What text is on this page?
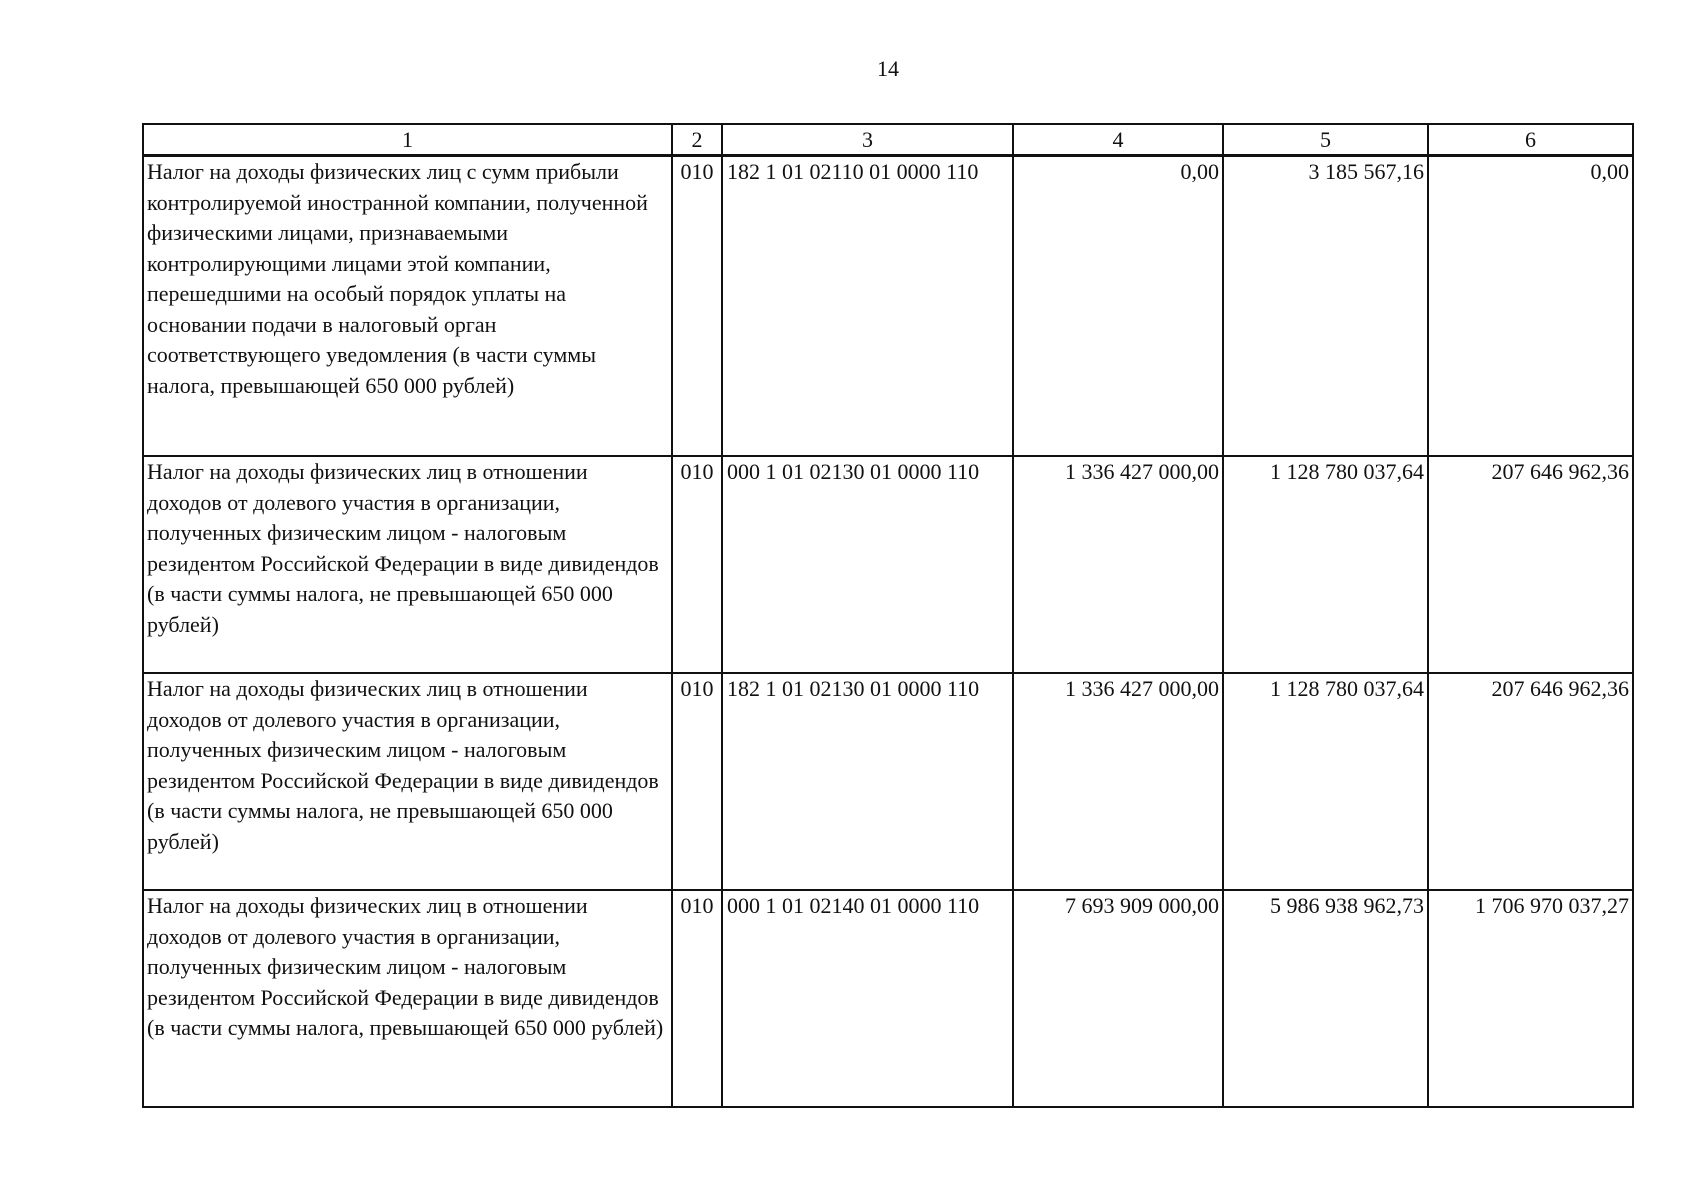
14
1	2	3	4	5	6
Налог на доходы физических лиц с сумм прибыли контролируемой иностранной компании, полученной физическими лицами, признаваемыми контролирующими лицами этой компании, перешедшими на особый порядок уплаты на основании подачи в налоговый орган соответствующего уведомления (в части суммы налога, превышающей 650 000 рублей)	010	182 1 01 02110 01 0000 110	0,00	3 185 567,16	0,00
Налог на доходы физических лиц в отношении доходов от долевого участия в организации, полученных физическим лицом - налоговым резидентом Российской Федерации в виде дивидендов (в части суммы налога, не превышающей 650 000 рублей)	010	000 1 01 02130 01 0000 110	1 336 427 000,00	1 128 780 037,64	207 646 962,36
Налог на доходы физических лиц в отношении доходов от долевого участия в организации, полученных физическим лицом - налоговым резидентом Российской Федерации в виде дивидендов (в части суммы налога, не превышающей 650 000 рублей)	010	182 1 01 02130 01 0000 110	1 336 427 000,00	1 128 780 037,64	207 646 962,36
Налог на доходы физических лиц в отношении доходов от долевого участия в организации, полученных физическим лицом - налоговым резидентом Российской Федерации в виде дивидендов (в части суммы налога, превышающей 650 000 рублей)	010	000 1 01 02140 01 0000 110	7 693 909 000,00	5 986 938 962,73	1 706 970 037,27
